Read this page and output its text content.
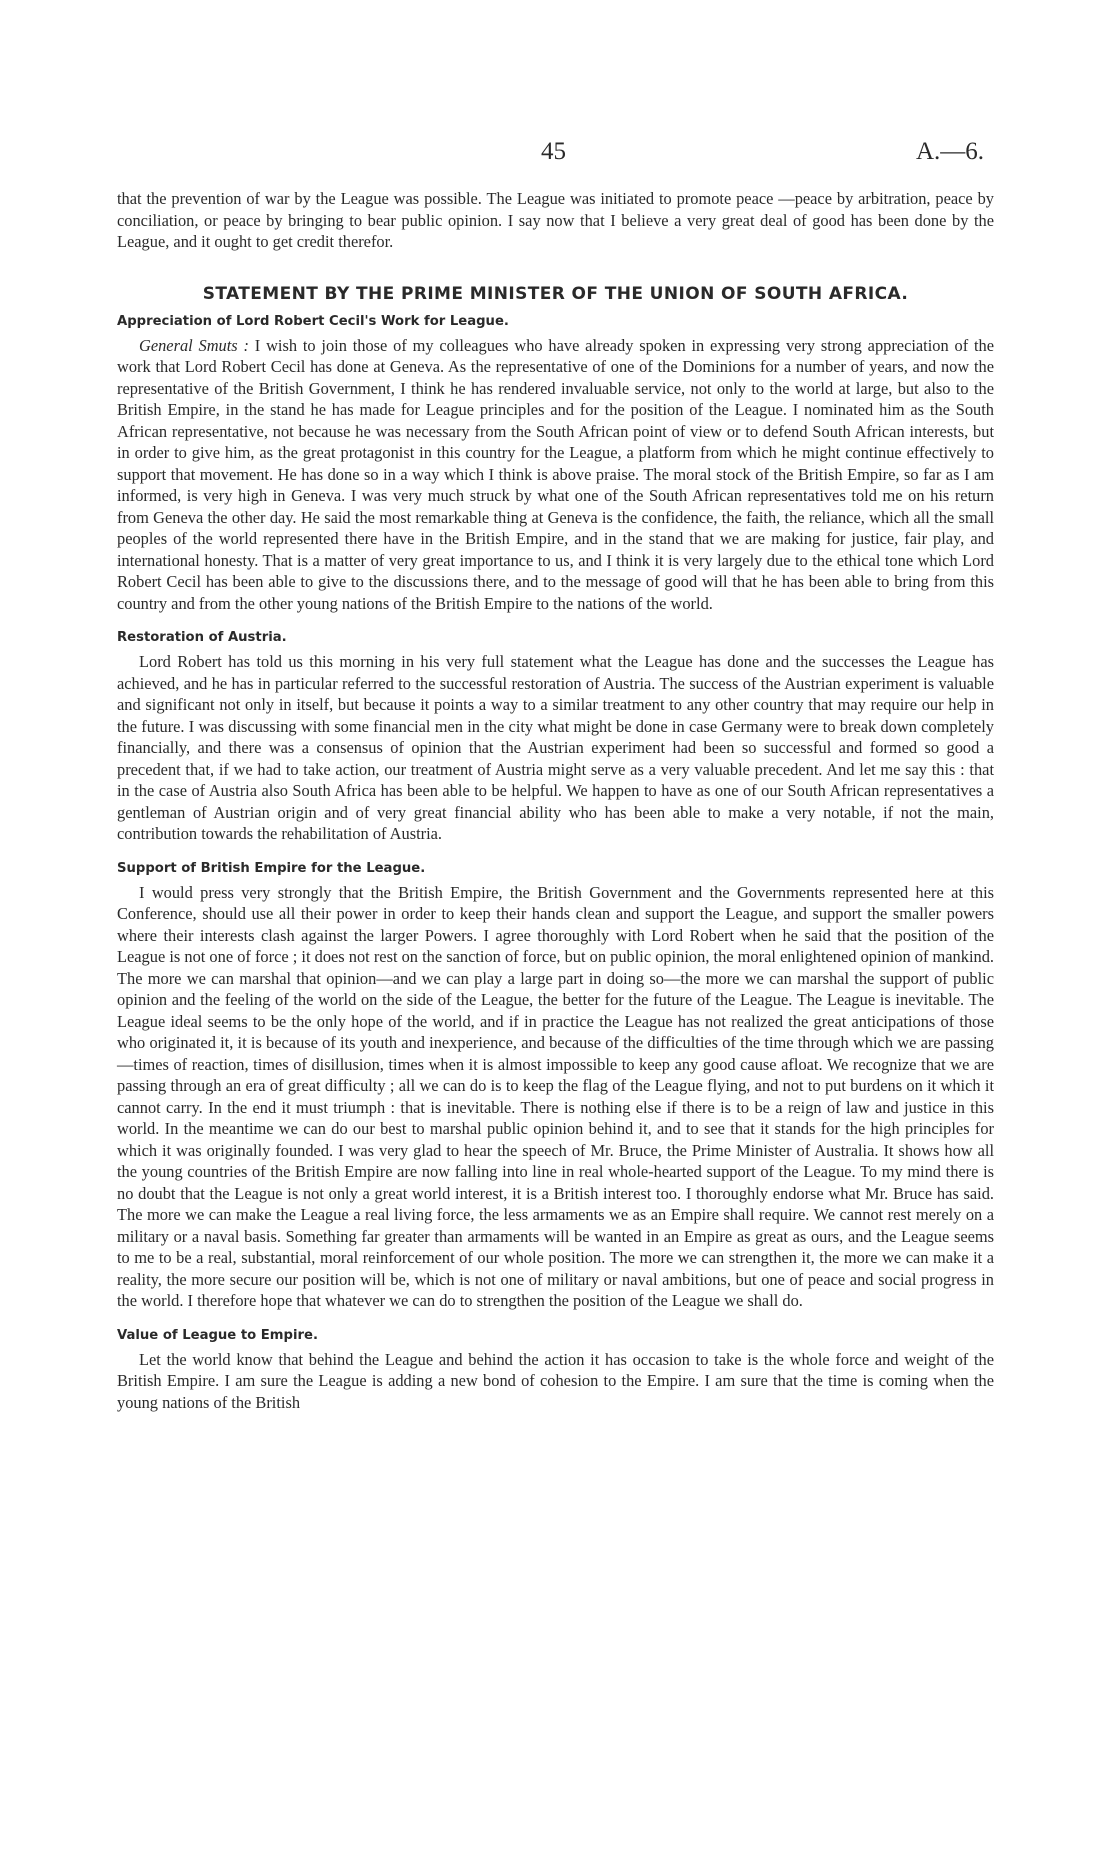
45	A.—6.

that the prevention of war by the League was possible. The League was initiated to promote peace —peace by arbitration, peace by conciliation, or peace by bringing to bear public opinion. I say now that I believe a very great deal of good has been done by the League, and it ought to get credit therefor.

STATEMENT BY THE PRIME MINISTER OF THE UNION OF SOUTH AFRICA.
Appreciation of Lord Robert Cecil's Work for League.

General Smuts : I wish to join those of my colleagues who have already spoken in expressing very strong appreciation of the work that Lord Robert Cecil has done at Geneva. As the representative of one of the Dominions for a number of years, and now the representative of the British Government, I think he has rendered invaluable service, not only to the world at large, but also to the British Empire, in the stand he has made for League principles and for the position of the League. I nominated him as the South African representative, not because he was necessary from the South African point of view or to defend South African interests, but in order to give him, as the great protagonist in this country for the League, a platform from which he might continue effectively to support that movement. He has done so in a way which I think is above praise. The moral stock of the British Empire, so far as I am informed, is very high in Geneva. I was very much struck by what one of the South African representatives told me on his return from Geneva the other day. He said the most remarkable thing at Geneva is the confidence, the faith, the reliance, which all the small peoples of the world represented there have in the British Empire, and in the stand that we are making for justice, fair play, and international honesty. That is a matter of very great importance to us, and I think it is very largely due to the ethical tone which Lord Robert Cecil has been able to give to the discussions there, and to the message of good will that he has been able to bring from this country and from the other young nations of the British Empire to the nations of the world.

Restoration of Austria.

Lord Robert has told us this morning in his very full statement what the League has done and the successes the League has achieved, and he has in particular referred to the successful restoration of Austria. The success of the Austrian experiment is valuable and significant not only in itself, but because it points a way to a similar treatment to any other country that may require our help in the future. I was discussing with some financial men in the city what might be done in case Germany were to break down completely financially, and there was a consensus of opinion that the Austrian experiment had been so successful and formed so good a precedent that, if we had to take action, our treatment of Austria might serve as a very valuable precedent. And let me say this : that in the case of Austria also South Africa has been able to be helpful. We happen to have as one of our South African representatives a gentleman of Austrian origin and of very great financial ability who has been able to make a very notable, if not the main, contribution towards the rehabilitation of Austria.

Support of British Empire for the League.

I would press very strongly that the British Empire, the British Government and the Governments represented here at this Conference, should use all their power in order to keep their hands clean and support the League, and support the smaller powers where their interests clash against the larger Powers. I agree thoroughly with Lord Robert when he said that the position of the League is not one of force ; it does not rest on the sanction of force, but on public opinion, the moral enlightened opinion of mankind. The more we can marshal that opinion—and we can play a large part in doing so—the more we can marshal the support of public opinion and the feeling of the world on the side of the League, the better for the future of the League. The League is inevitable. The League ideal seems to be the only hope of the world, and if in practice the League has not realized the great anticipations of those who originated it, it is because of its youth and inexperience, and because of the difficulties of the time through which we are passing—times of reaction, times of disillusion, times when it is almost impossible to keep any good cause afloat. We recognize that we are passing through an era of great difficulty ; all we can do is to keep the flag of the League flying, and not to put burdens on it which it cannot carry. In the end it must triumph : that is inevitable. There is nothing else if there is to be a reign of law and justice in this world. In the meantime we can do our best to marshal public opinion behind it, and to see that it stands for the high principles for which it was originally founded. I was very glad to hear the speech of Mr. Bruce, the Prime Minister of Australia. It shows how all the young countries of the British Empire are now falling into line in real whole-hearted support of the League. To my mind there is no doubt that the League is not only a great world interest, it is a British interest too. I thoroughly endorse what Mr. Bruce has said. The more we can make the League a real living force, the less armaments we as an Empire shall require. We cannot rest merely on a military or a naval basis. Something far greater than armaments will be wanted in an Empire as great as ours, and the League seems to me to be a real, substantial, moral reinforcement of our whole position. The more we can strengthen it, the more we can make it a reality, the more secure our position will be, which is not one of military or naval ambitions, but one of peace and social progress in the world. I therefore hope that whatever we can do to strengthen the position of the League we shall do.

Value of League to Empire.

Let the world know that behind the League and behind the action it has occasion to take is the whole force and weight of the British Empire. I am sure the League is adding a new bond of cohesion to the Empire. I am sure that the time is coming when the young nations of the British
